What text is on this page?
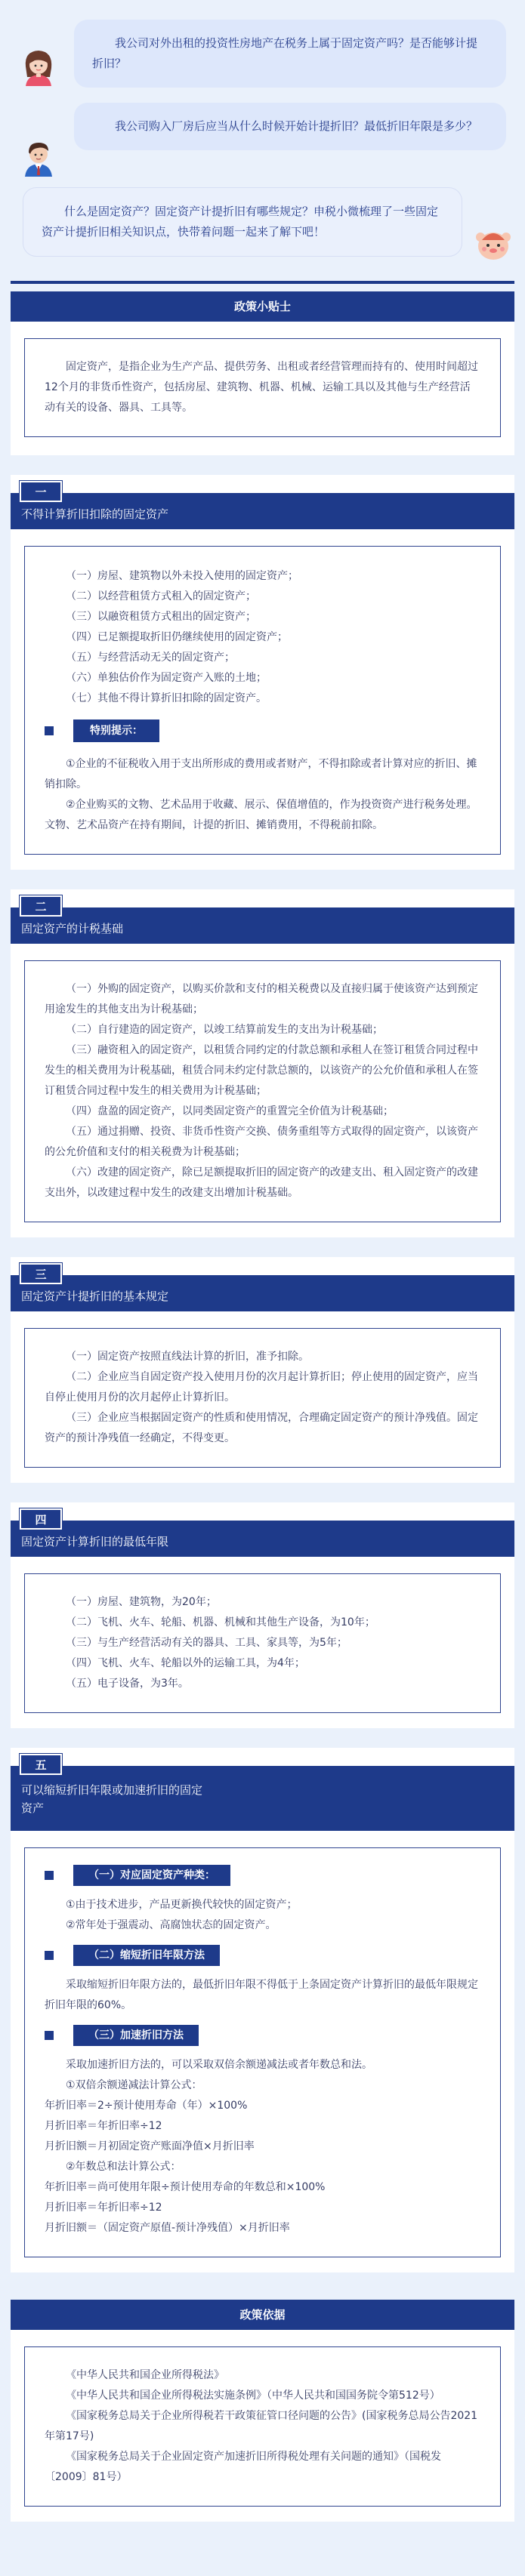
我公司对外出租的投资性房地产在税务上属于固定资产吗？是否能够计提折旧？
我公司购入厂房后应当从什么时候开始计提折旧？最低折旧年限是多少？
什么是固定资产？固定资产计提折旧有哪些规定？申税小微梳理了一些固定资产计提折旧相关知识点，快带着问题一起来了解下吧！
政策小贴士

固定资产，是指企业为生产产品、提供劳务、出租或者经营管理而持有的、使用时间超过12个月的非货币性资产，包括房屋、建筑物、机器、机械、运输工具以及其他与生产经营活动有关的设备、器具、工具等。

不得计算折旧扣除的固定资产
一
（一）房屋、建筑物以外未投入使用的固定资产；
（二）以经营租赁方式租入的固定资产；
（三）以融资租赁方式租出的固定资产；
（四）已足额提取折旧仍继续使用的固定资产；
（五）与经营活动无关的固定资产；
（六）单独估价作为固定资产入账的土地；
（七）其他不得计算折旧扣除的固定资产。
特别提示：

①企业的不征税收入用于支出所形成的费用或者财产，不得扣除或者计算对应的折旧、摊销扣除。

②企业购买的文物、艺术品用于收藏、展示、保值增值的，作为投资资产进行税务处理。文物、艺术品资产在持有期间，计提的折旧、摊销费用，不得税前扣除。

固定资产的计税基础
二

（一）外购的固定资产，以购买价款和支付的相关税费以及直接归属于使该资产达到预定用途发生的其他支出为计税基础；

（二）自行建造的固定资产，以竣工结算前发生的支出为计税基础；

（三）融资租入的固定资产，以租赁合同约定的付款总额和承租人在签订租赁合同过程中发生的相关费用为计税基础，租赁合同未约定付款总额的，以该资产的公允价值和承租人在签订租赁合同过程中发生的相关费用为计税基础；

（四）盘盈的固定资产，以同类固定资产的重置完全价值为计税基础；

（五）通过捐赠、投资、非货币性资产交换、债务重组等方式取得的固定资产，以该资产的公允价值和支付的相关税费为计税基础；

（六）改建的固定资产，除已足额提取折旧的固定资产的改建支出、租入固定资产的改建支出外，以改建过程中发生的改建支出增加计税基础。

固定资产计提折旧的基本规定
三

（一）固定资产按照直线法计算的折旧，准予扣除。

（二）企业应当自固定资产投入使用月份的次月起计算折旧；停止使用的固定资产，应当自停止使用月份的次月起停止计算折旧。

（三）企业应当根据固定资产的性质和使用情况，合理确定固定资产的预计净残值。固定资产的预计净残值一经确定，不得变更。

固定资产计算折旧的最低年限
四
（一）房屋、建筑物，为20年；
（二）飞机、火车、轮船、机器、机械和其他生产设备，为10年；
（三）与生产经营活动有关的器具、工具、家具等，为5年；
（四）飞机、火车、轮船以外的运输工具，为4年；
（五）电子设备，为3年。
可以缩短折旧年限或加速折旧的固定资产
五
（一）对应固定资产种类：

①由于技术进步，产品更新换代较快的固定资产；

②常年处于强震动、高腐蚀状态的固定资产。

（二）缩短折旧年限方法

采取缩短折旧年限方法的，最低折旧年限不得低于上条固定资产计算折旧的最低年限规定折旧年限的60%。

（三）加速折旧方法

采取加速折旧方法的，可以采取双倍余额递减法或者年数总和法。

①双倍余额递减法计算公式：

年折旧率＝2÷预计使用寿命（年）×100%
月折旧率＝年折旧率÷12
月折旧额＝月初固定资产账面净值×月折旧率

②年数总和法计算公式：

年折旧率＝尚可使用年限÷预计使用寿命的年数总和×100%
月折旧率＝年折旧率÷12
月折旧额＝（固定资产原值-预计净残值）×月折旧率
政策依据

《中华人民共和国企业所得税法》

《中华人民共和国企业所得税法实施条例》（中华人民共和国国务院令第512号）

《国家税务总局关于企业所得税若干政策征管口径问题的公告》(国家税务总局公告2021年第17号)

《国家税务总局关于企业固定资产加速折旧所得税处理有关问题的通知》（国税发〔2009〕81号）
